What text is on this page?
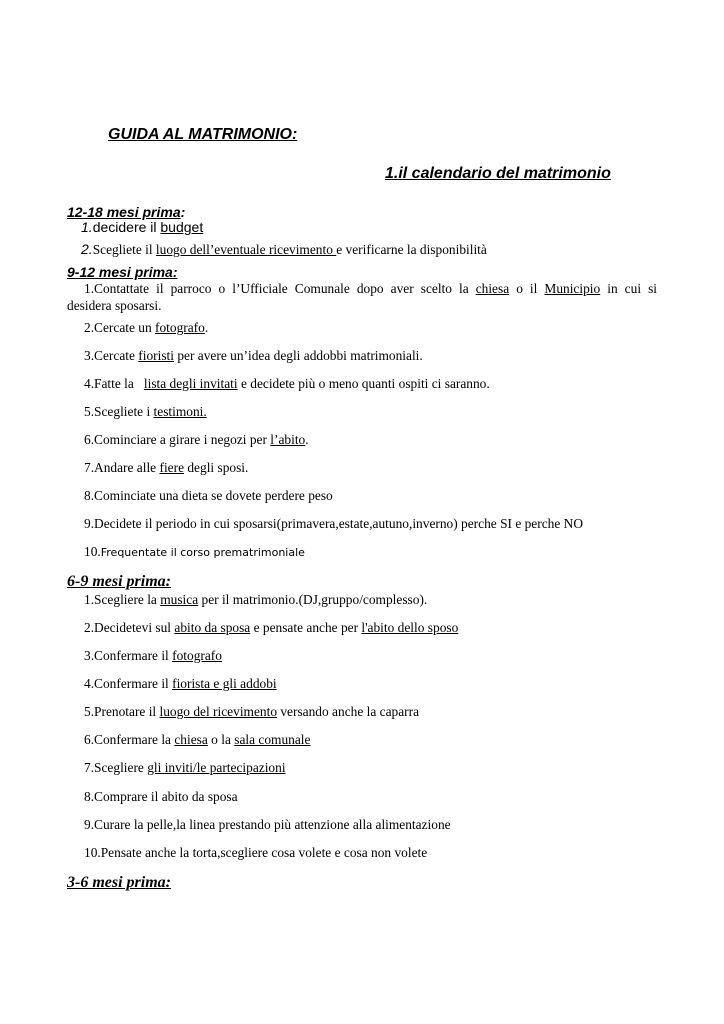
GUIDA AL MATRIMONIO:
1.il calendario del matrimonio
12-18 mesi prima:
1.decidere il budget
2.Scegliete il luogo dell’eventuale ricevimento e verificarne la disponibilità
9-12 mesi prima:
1.Contattate il parroco o l’Ufficiale Comunale dopo aver scelto la chiesa o il Municipio in cui si
desidera sposarsi.
2.Cercate un fotografo.
3.Cercate fioristi per avere un’idea degli addobbi matrimoniali.
4.Fatte la   lista degli invitati e decidete più o meno quanti ospiti ci saranno.
5.Scegliete i testimoni.
6.Cominciare a girare i negozi per l’abito.
7.Andare alle fiere degli sposi.
8.Cominciate una dieta se dovete perdere peso
9.Decidete il periodo in cui sposarsi(primavera,estate,autuno,inverno) perche SI e perche NO
10.Frequentate il corso prematrimoniale
6-9 mesi prima:
1.Scegliere la musica per il matrimonio.(DJ,gruppo/complesso).
2.Decidetevi sul abito da sposa e pensate anche per l'abito dello sposo
3.Confermare il fotografo
4.Confermare il fiorista e gli addobi
5.Prenotare il luogo del ricevimento versando anche la caparra
6.Confermare la chiesa o la sala comunale
7.Scegliere gli inviti/le partecipazioni
8.Comprare il abito da sposa
9.Curare la pelle,la linea prestando più attenzione alla alimentazione
10.Pensate anche la torta,scegliere cosa volete e cosa non volete
3-6 mesi prima:
